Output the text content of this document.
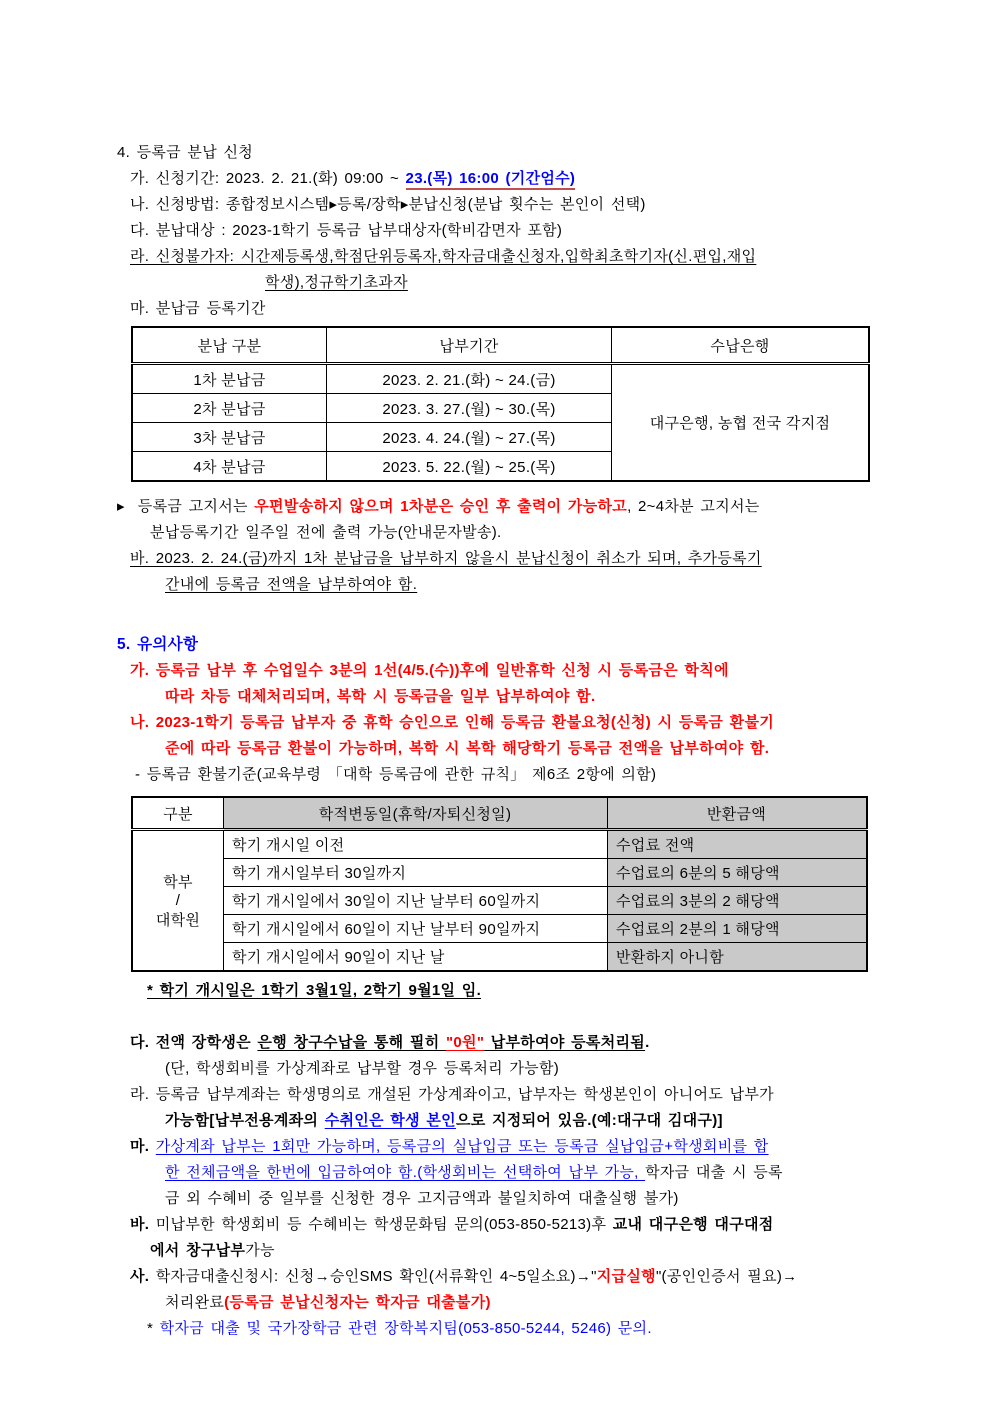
4. 등록금 분납 신청
가. 신청기간: 2023. 2. 21.(화) 09:00 ~ 23.(목) 16:00 (기간엄수)
나. 신청방법: 종합정보시스템▸등록/장학▸분납신청(분납 횟수는 본인이 선택)
다. 분납대상 : 2023-1학기 등록금 납부대상자(학비감면자 포함)
라. 신청불가자: 시간제등록생,학점단위등록자,학자금대출신청자,입학최초학기자(신.편입,재입
학생),정규학기초과자
마. 분납금 등록기간
분납 구분	납부기간	수납은행
1차 분납금	2023. 2. 21.(화) ~ 24.(금)	대구은행, 농협 전국 각지점
2차 분납금	2023. 3. 27.(월) ~ 30.(목)	
3차 분납금	2023. 4. 24.(월) ~ 27.(목)	
4차 분납금	2023. 5. 22.(월) ~ 25.(목)	
▸ 등록금 고지서는 우편발송하지 않으며 1차분은 승인 후 출력이 가능하고, 2~4차분 고지서는
분납등록기간 일주일 전에 출력 가능(안내문자발송).
바. 2023. 2. 24.(금)까지 1차 분납금을 납부하지 않을시 분납신청이 취소가 되며, 추가등록기
간내에 등록금 전액을 납부하여야 함.
5. 유의사항
가. 등록금 납부 후 수업일수 3분의 1선(4/5.(수))후에 일반휴학 신청 시 등록금은 학칙에
따라 차등 대체처리되며, 복학 시 등록금을 일부 납부하여야 함.
나. 2023-1학기 등록금 납부자 중 휴학 승인으로 인해 등록금 환불요청(신청) 시 등록금 환불기
준에 따라 등록금 환불이 가능하며, 복학 시 복학 해당학기 등록금 전액을 납부하여야 함.
- 등록금 환불기준(교육부령 「대학 등록금에 관한 규칙」 제6조 2항에 의함)
구분	학적변동일(휴학/자퇴신청일)	반환금액

학부
/
대학원	학기 개시일 이전	수업료 전액
	학기 개시일부터 30일까지	수업료의 6분의 5 해당액
	학기 개시일에서 30일이 지난 날부터 60일까지	수업료의 3분의 2 해당액
	학기 개시일에서 60일이 지난 날부터 90일까지	수업료의 2분의 1 해당액
	학기 개시일에서 90일이 지난 날	반환하지 아니함
* 학기 개시일은 1학기 3월1일, 2학기 9월1일 임.
다. 전액 장학생은 은행 창구수납을 통해 필히 "0원" 납부하여야 등록처리됨.
(단, 학생회비를 가상계좌로 납부할 경우 등록처리 가능함)
라. 등록금 납부계좌는 학생명의로 개설된 가상계좌이고, 납부자는 학생본인이 아니어도 납부가
가능함[납부전용계좌의 수취인은 학생 본인으로 지정되어 있음.(예:대구대 김대구)]
마. 가상계좌 납부는 1회만 가능하며, 등록금의 실납입금 또는 등록금 실납입금+학생회비를 합
한 전체금액을 한번에 입금하여야 함.(학생회비는 선택하여 납부 가능, 학자금 대출 시 등록
금 외 수혜비 중 일부를 신청한 경우 고지금액과 불일치하여 대출실행 불가)
바. 미납부한 학생회비 등 수혜비는 학생문화팀 문의(053-850-5213)후 교내 대구은행 대구대점
에서 창구납부가능
사. 학자금대출신청시: 신청→승인SMS 확인(서류확인 4~5일소요)→"지급실행"(공인인증서 필요)→
처리완료(등록금 분납신청자는 학자금 대출불가)
* 학자금 대출 및 국가장학금 관련 장학복지팀(053-850-5244, 5246) 문의.
